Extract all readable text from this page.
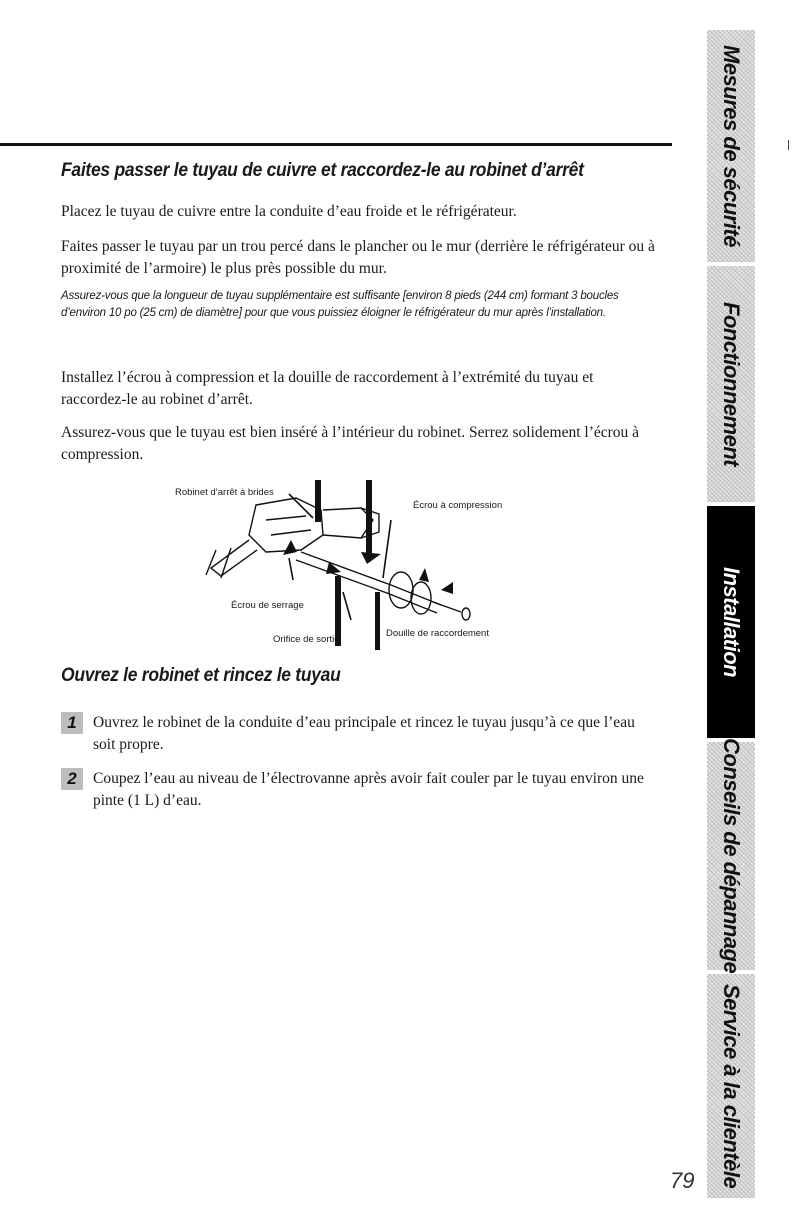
Faites passer le tuyau de cuivre et raccordez-le au robinet d’arrêt

Placez le tuyau de cuivre entre la conduite d’eau froide et le réfrigérateur.

Faites passer le tuyau par un trou percé dans le plancher ou le mur (derrière le réfrigérateur ou à proximité de l’armoire) le plus près possible du mur.

Assurez-vous que la longueur de tuyau supplémentaire est suffisante [environ 8 pieds (244 cm) formant 3 boucles d’environ 10 po (25 cm) de diamètre] pour que vous puissiez éloigner le réfrigérateur du mur après l’installation.

Installez l’écrou à compression et la douille de raccordement à l’extrémité du tuyau et raccordez-le au robinet d’arrêt.

Assurez-vous que le tuyau est bien inséré à l’intérieur du robinet. Serrez solidement l’écrou à compression.

Robinet d’arrêt à brides
Écrou à compression
Écrou de serrage
Orifice de sortie
Douille de raccordement
Ouvrez le robinet et rincez le tuyau
1	Ouvrez le robinet de la conduite d’eau principale et rincez le tuyau jusqu’à ce que l’eau soit propre.

2	Coupez l’eau au niveau de l’électrovanne après avoir fait couler par le tuyau environ une pinte (1 L) d’eau.

Mesures de sécurité
Fonctionnement
Installation
Conseils de dépannage
Service à la clientèle
79
